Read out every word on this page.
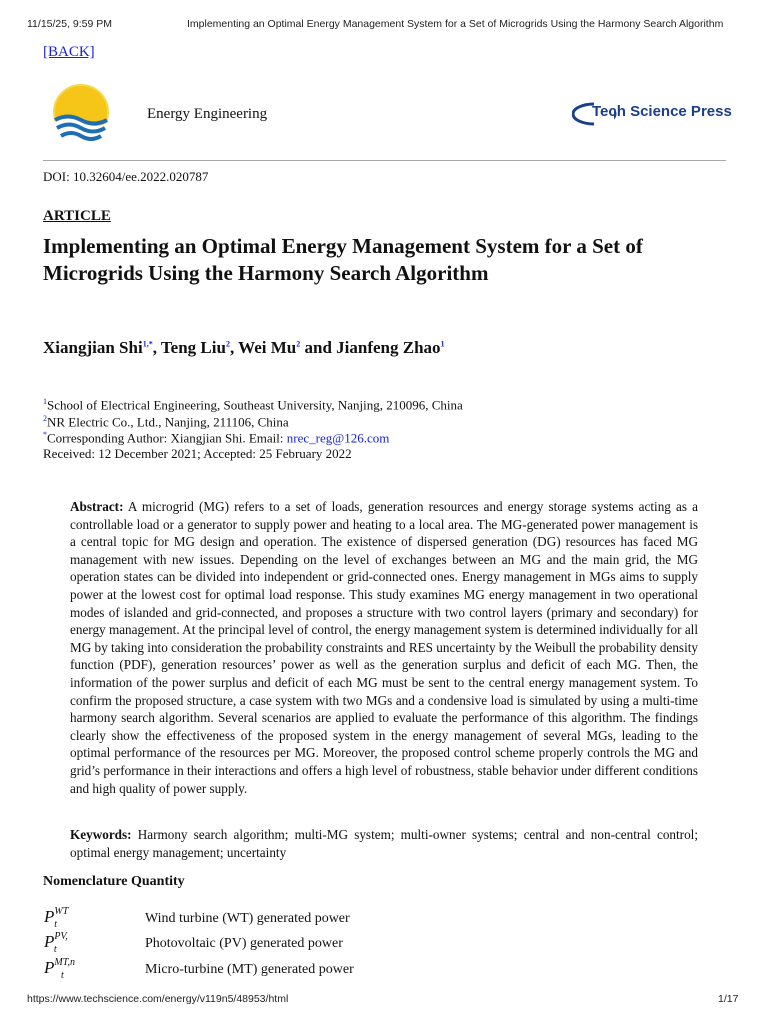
11/15/25, 9:59 PM	Implementing an Optimal Energy Management System for a Set of Microgrids Using the Harmony Search Algorithm
[BACK]
Energy Engineering	Tech Science Press
DOI: 10.32604/ee.2022.020787
ARTICLE
Implementing an Optimal Energy Management System for a Set of
Microgrids Using the Harmony Search Algorithm
Xiangjian Shi$^{1,*}$, Teng Liu$^2$, Wei Mu$^2$ and Jianfeng Zhao$^1$
$^1$School of Electrical Engineering, Southeast University, Nanjing, 210096, China
$^2$NR Electric Co., Ltd., Nanjing, 211106, China
*Corresponding Author: Xiangjian Shi. Email: nrec_reg@126.com
Received: 12 December 2021; Accepted: 25 February 2022
Abstract: A microgrid (MG) refers to a set of loads, generation resources and energy storage systems acting as a controllable load or a generator to supply power and heating to a local area. The MG-generated power management is a central topic for MG design and operation. The existence of dispersed generation (DG) resources has faced MG management with new issues. Depending on the level of exchanges between an MG and the main grid, the MG operation states can be divided into independent or grid-connected ones. Energy management in MGs aims to supply power at the lowest cost for optimal load response. This study examines MG energy management in two operational modes of islanded and grid-connected, and proposes a structure with two control layers (primary and secondary) for energy management. At the principal level of control, the energy management system is determined individually for all MG by taking into consideration the probability constraints and RES uncertainty by the Weibull the probability density function (PDF), generation resources’ power as well as the generation surplus and deficit of each MG. Then, the information of the power surplus and deficit of each MG must be sent to the central energy management system. To confirm the proposed structure, a case system with two MGs and a condensive load is simulated by using a multi-time harmony search algorithm. Several scenarios are applied to evaluate the performance of this algorithm. The findings clearly show the effectiveness of the proposed system in the energy management of several MGs, leading to the optimal performance of the resources per MG. Moreover, the proposed control scheme properly controls the MG and grid’s performance in their interactions and offers a high level of robustness, stable behavior under different conditions and high quality of power supply.
Keywords: Harmony search algorithm; multi-MG system; multi-owner systems; central and non-central control; optimal energy management; uncertainty
Nomenclature Quantity
$P^{WT}_t$	Wind turbine (WT) generated power
$P^{PV,}_t$	Photovoltaic (PV) generated power
$P^{MT,n}_t$	Micro-turbine (MT) generated power
https://www.techscience.com/energy/v119n5/48953/html	1/17
